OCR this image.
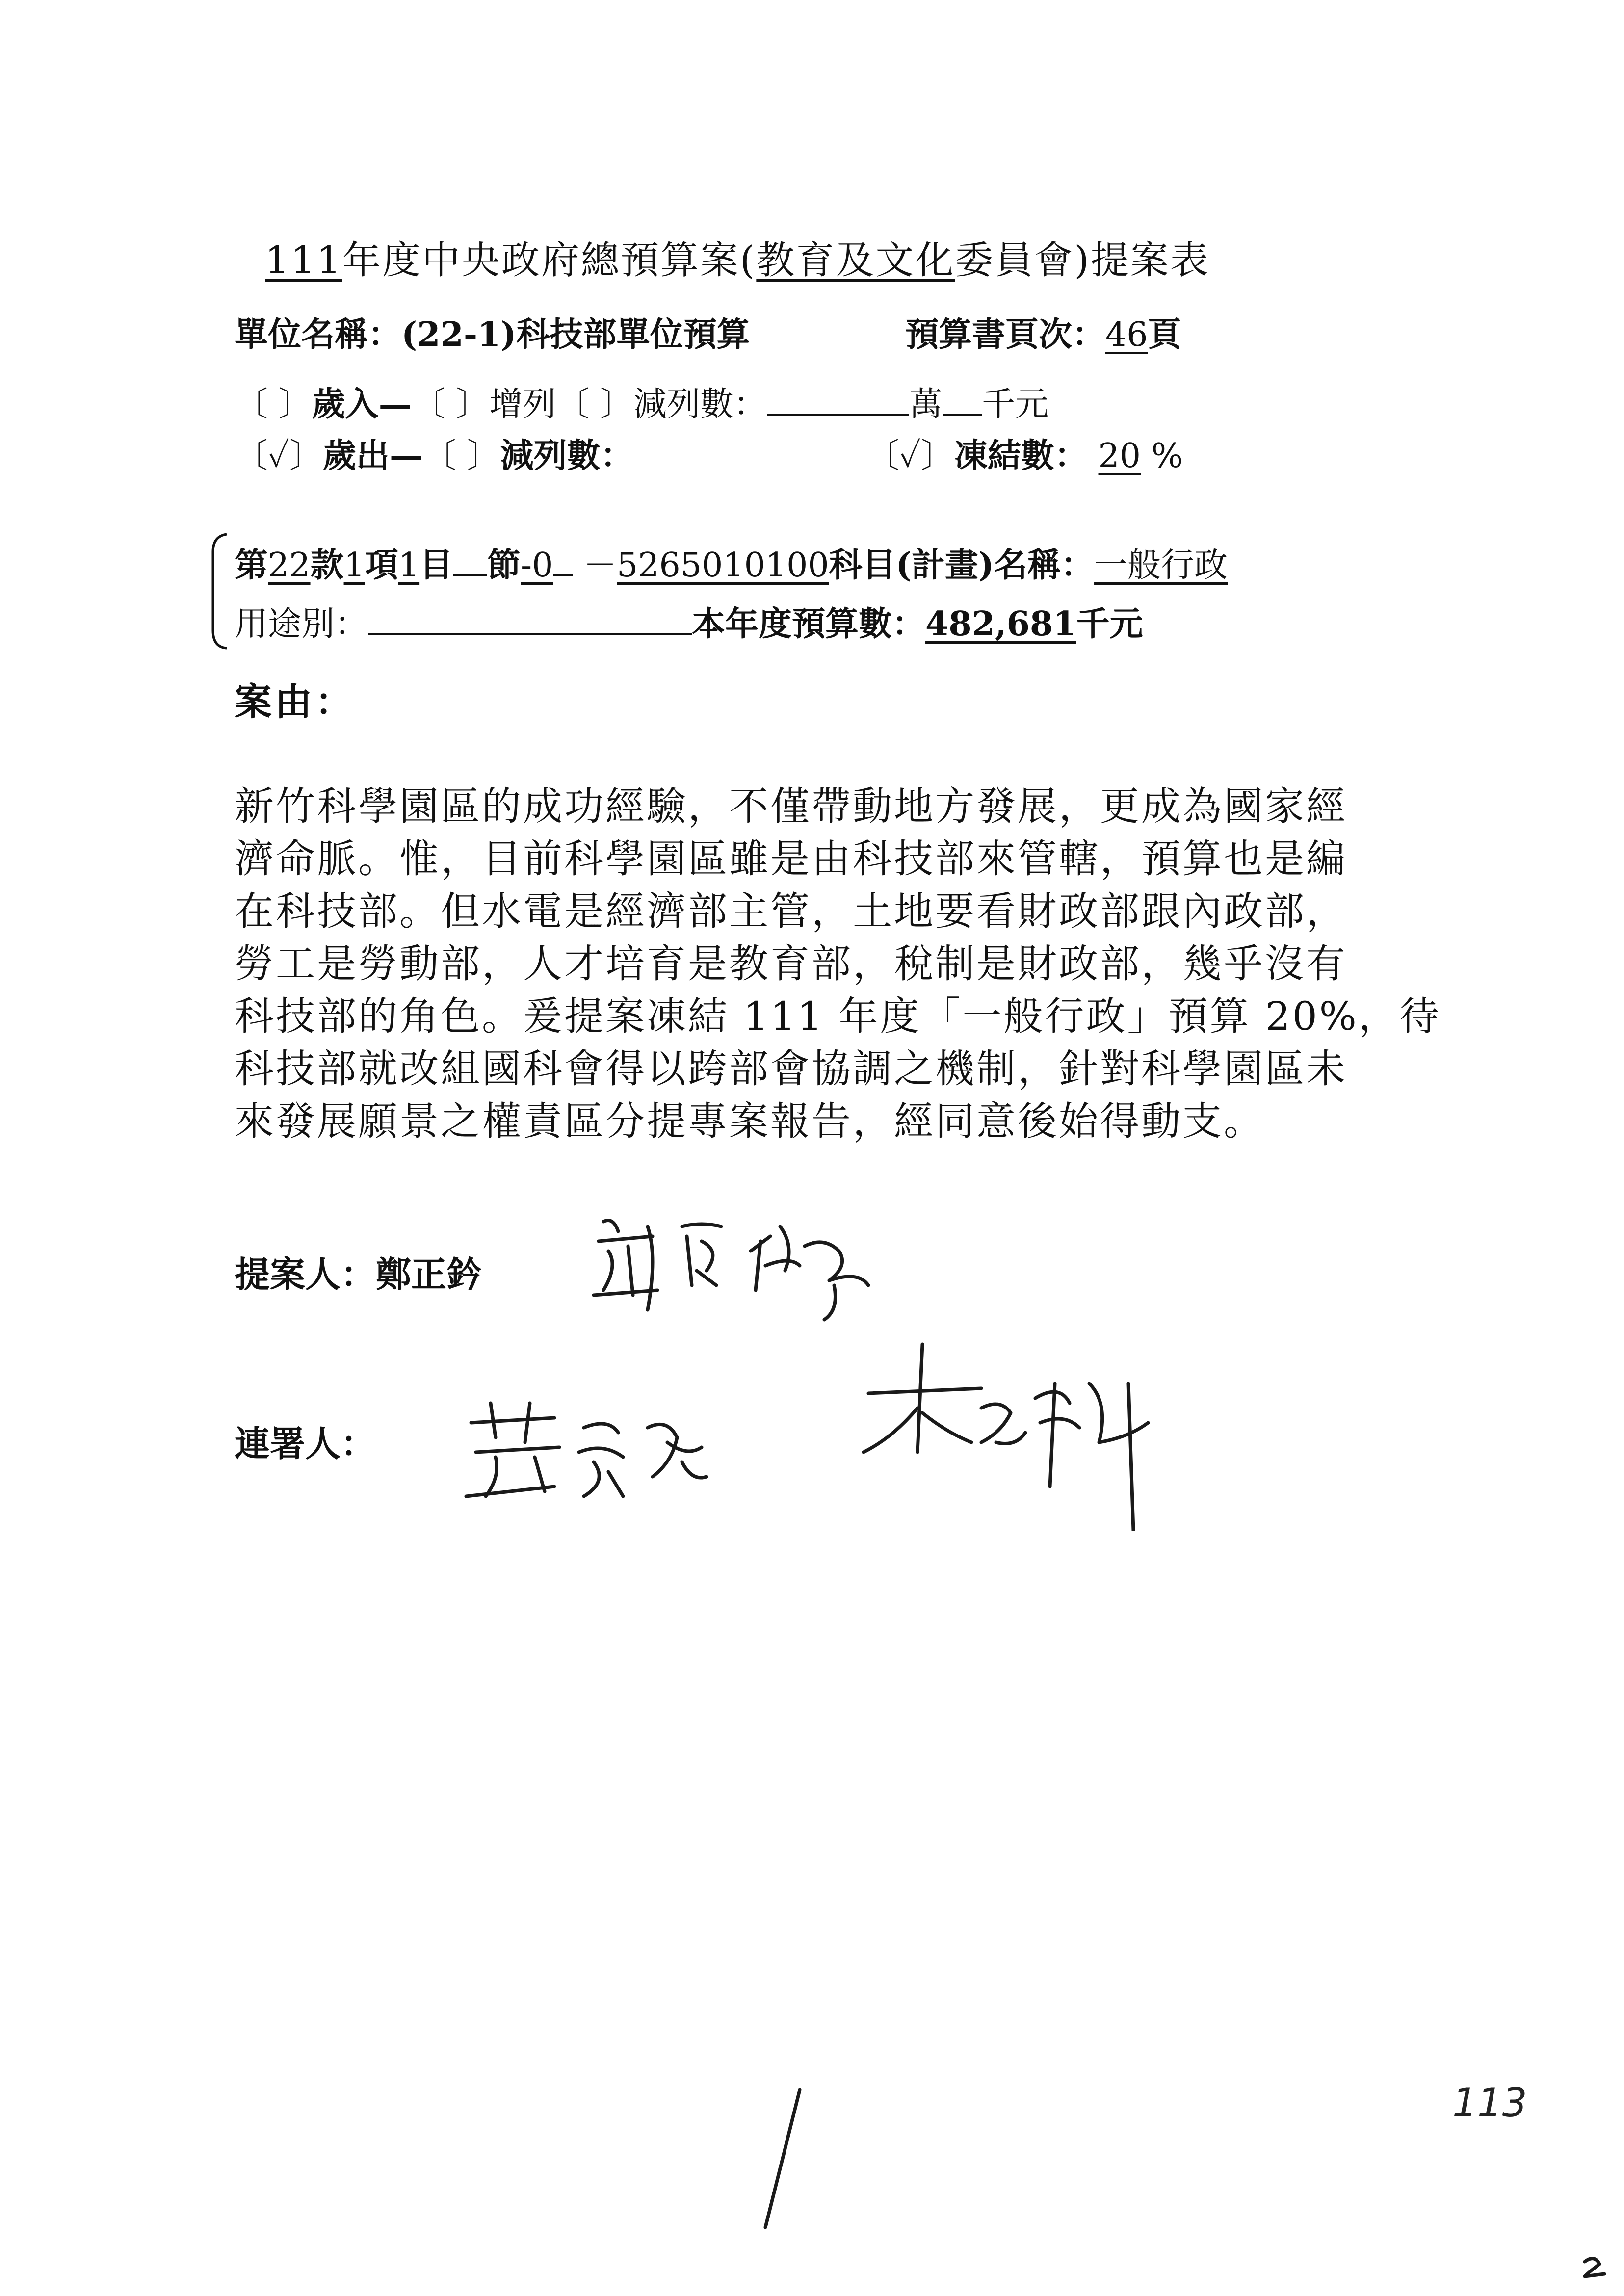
111年度中央政府總預算案(教育及文化委員會)提案表
單位名稱：(22-1)科技部單位預算	預算書頁次：46頁
〔 〕歲入—〔 〕增列〔 〕減列數：	萬 千元
〔✓〕歲出—〔 〕減列數：	〔✓〕凍結數： 20 %
第22款1項1目 節-0 －5265010100科目(計畫)名稱：一般行政
用途別：	本年度預算數：482,681千元
案由：
新竹科學園區的成功經驗，不僅帶動地方發展，更成為國家經
濟命脈。惟，目前科學園區雖是由科技部來管轄，預算也是編
在科技部。但水電是經濟部主管，土地要看財政部跟內政部，
勞工是勞動部，人才培育是教育部，稅制是財政部，幾乎沒有
科技部的角色。爰提案凍結 111 年度「一般行政」預算 20%，待
科技部就改組國科會得以跨部會協調之機制，針對科學園區未
來發展願景之權責區分提專案報告，經同意後始得動支。
提案人：鄭正鈐
連署人：
113
